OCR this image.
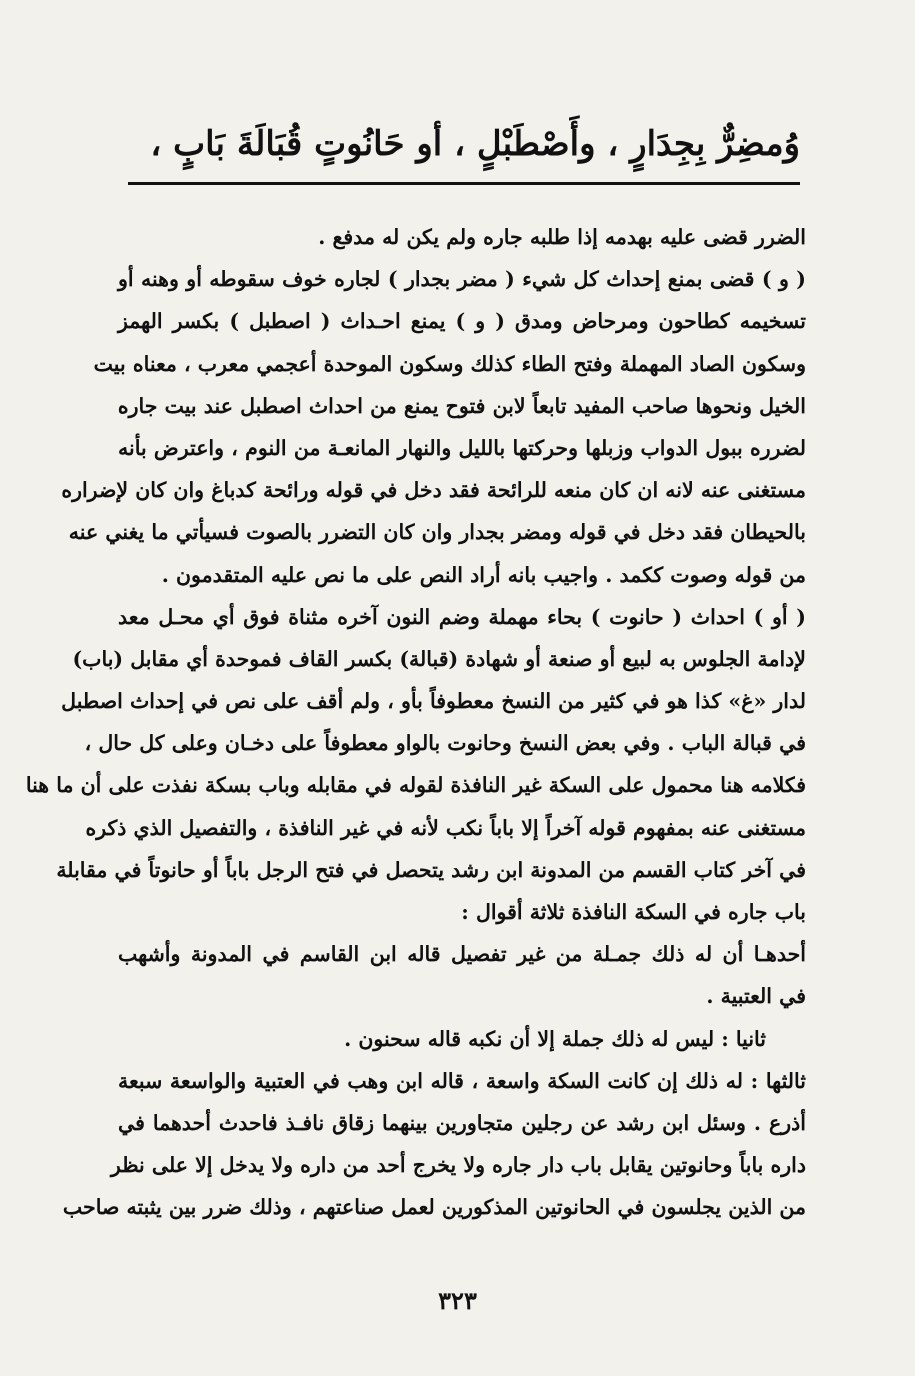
وُمضِرٌّ بِجِدَارٍ ، وأَصْطَبْلٍ ، أو حَانُوتٍ قُبَالَةَ بَابٍ ،
الضرر قضى عليه بهدمه إذا طلبه جاره ولم يكن له مدفع .
( و ) قضى بمنع إحداث كل شيء ( مضر بجدار ) لجاره خوف سقوطه أو وهنه أو
تسخيمه كطاحون ومرحاض ومدق ( و ) يمنع احـداث ( اصطبل ) بكسر الهمز
وسكون الصاد المهملة وفتح الطاء كذلك وسكون الموحدة أعجمي معرب ، معناه بيت
الخيل ونحوها صاحب المفيد تابعاً لابن فتوح يمنع من احداث اصطبل عند بيت جاره
لضرره ببول الدواب وزبلها وحركتها بالليل والنهار المانعـة من النوم ، واعترض بأنه
مستغنى عنه لانه ان كان منعه للرائحة فقد دخل في قوله ورائحة كدباغ وان كان لإضراره
بالحيطان فقد دخل في قوله ومضر بجدار وان كان التضرر بالصوت فسيأتي ما يغني عنه
من قوله وصوت ككمد . واجيب بانه أراد النص على ما نص عليه المتقدمون .
( أو ) احداث ( حانوت ) بحاء مهملة وضم النون آخره مثناة فوق أي محـل معد
لإدامة الجلوس به لبيع أو صنعة أو شهادة (قبالة) بكسر القاف فموحدة أي مقابل (باب)
لدار «غ» كذا هو في كثير من النسخ معطوفاً بأو ، ولم أقف على نص في إحداث اصطبل
في قبالة الباب . وفي بعض النسخ وحانوت بالواو معطوفاً على دخـان وعلى كل حال ،
فكلامه هنا محمول على السكة غير النافذة لقوله في مقابله وباب بسكة نفذت على أن ما هنا
مستغنى عنه بمفهوم قوله آخراً إلا باباً نكب لأنه في غير النافذة ، والتفصيل الذي ذكره
في آخر كتاب القسم من المدونة ابن رشد يتحصل في فتح الرجل باباً أو حانوتاً في مقابلة
باب جاره في السكة النافذة ثلاثة أقوال :
أحدهـا أن له ذلك جمـلة من غير تفصيل قاله ابن القاسم في المدونة وأشهب
في العتبية .
ثانيا : ليس له ذلك جملة إلا أن نكبه قاله سحنون .
ثالثها : له ذلك إن كانت السكة واسعة ، قاله ابن وهب في العتبية والواسعة سبعة
أذرع . وسئل ابن رشد عن رجلين متجاورين بينهما زقاق نافـذ فاحدث أحدهما في
داره باباً وحانوتين يقابل باب دار جاره ولا يخرج أحد من داره ولا يدخل إلا على نظر
من الذين يجلسون في الحانوتين المذكورين لعمل صناعتهم ، وذلك ضرر بين يثبته صاحب
٣٢٣
